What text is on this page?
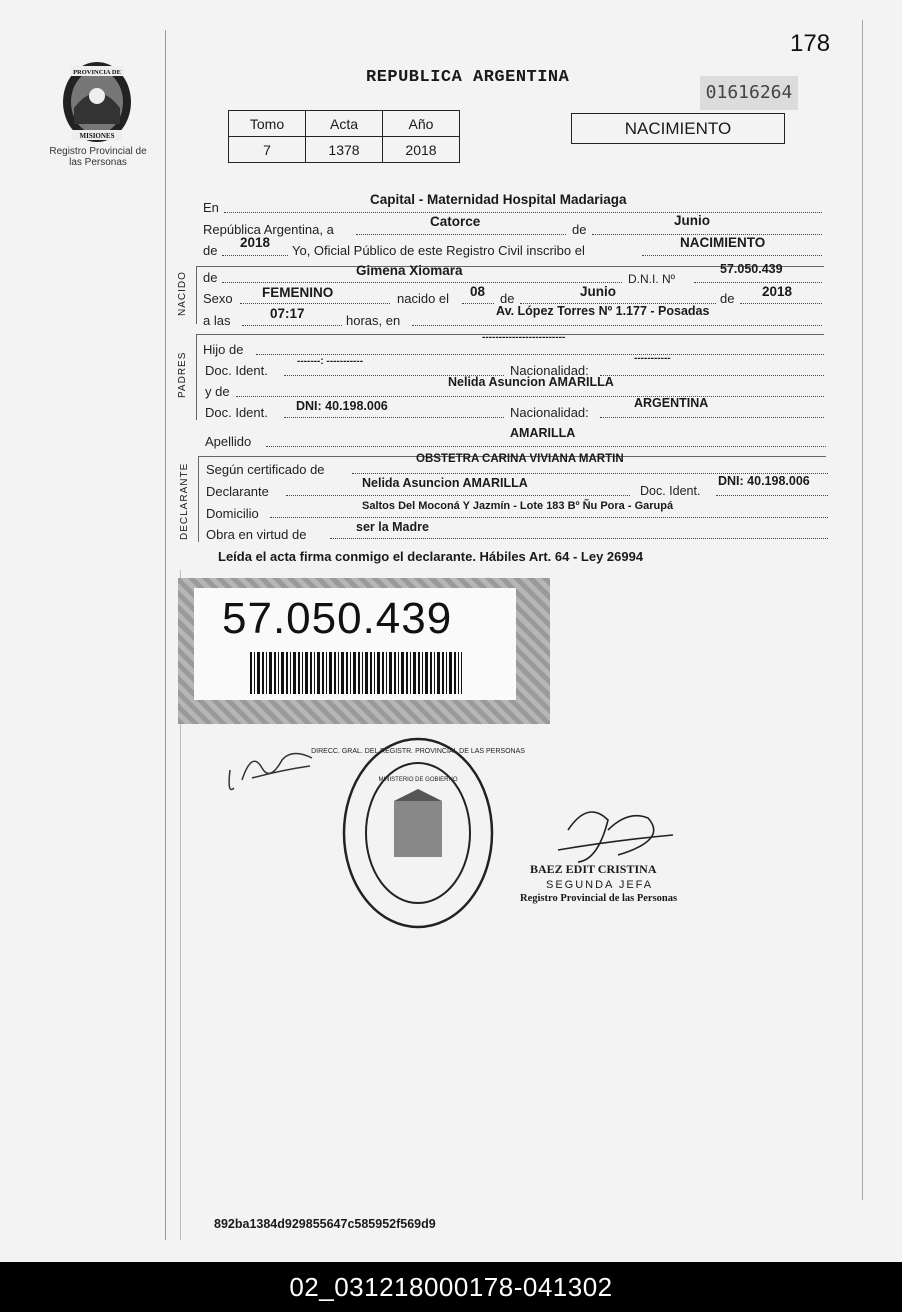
PROVINCIA DE
MISIONES
Registro Provincial de las Personas
178
REPUBLICA ARGENTINA
01616264
Tomo	Acta	Año
7	1378	2018
NACIMIENTO
En
Capital - Maternidad Hospital Madariaga
República Argentina, a
Catorce
de
Junio
de
2018
Yo, Oficial Público de este Registro Civil inscribo el
NACIMIENTO
NACIDO de	Gimena Xiomara
D.N.I. Nº
57.050.439
Sexo FEMENINO	nacido el 08 de	Junio	de 2018
a las	07:17	horas, en
Av. López Torres Nº 1.177 - Posadas
PADRES
Hijo de
-------------------------
Doc. Ident.
-------: -----------
Nacionalidad:
-----------
y de
Nelida Asuncion AMARILLA
Doc. Ident. DNI: 40.198.006	Nacionalidad:
ARGENTINA
Apellido
AMARILLA
DECLARANTE Según certificado de
OBSTETRA CARINA VIVIANA MARTIN
Declarante
Nelida Asuncion AMARILLA
Doc. Ident.
DNI: 40.198.006
Domicilio	Saltos Del Moconá Y Jazmín - Lote 183 Bº Ñu Pora - Garupá
Obra en virtud de	ser la Madre
Leída el acta firma conmigo el declarante. Hábiles Art. 64 - Ley 26994
57.050.439
DIRECC. GRAL. DEL REGISTR. PROVINCIAL DE LAS PERSONAS
MINISTERIO DE GOBIERNO
BAEZ EDIT CRISTINA
SEGUNDA JEFA
Registro Provincial de las Personas
892ba1384d929855647c585952f569d9
02_031218000178-041302
